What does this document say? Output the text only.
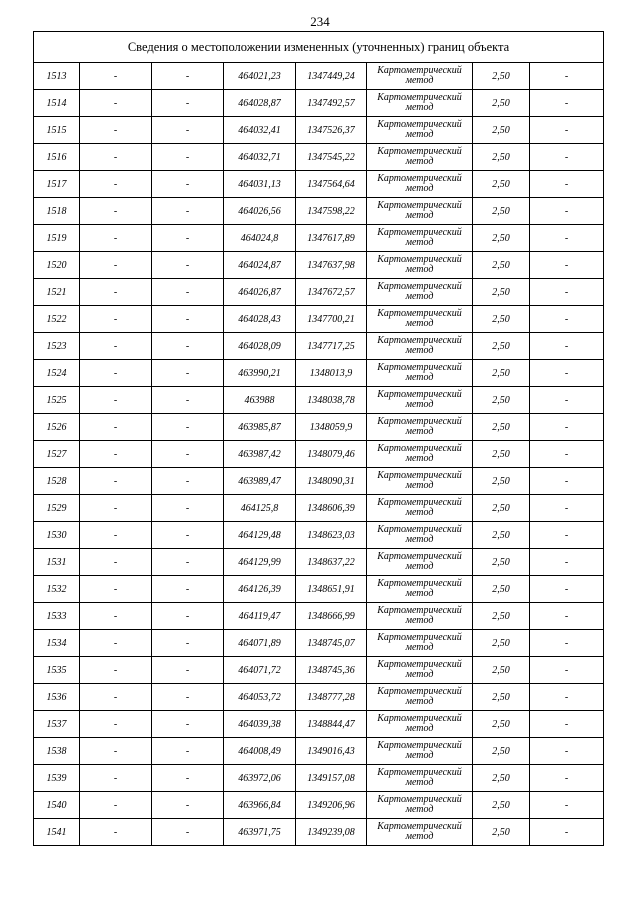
234
Сведения о местоположении измененных (уточненных) границ объекта							
1513	-	-	464021,23	1347449,24	Картометрический метод	2,50	-
1514	-	-	464028,87	1347492,57	Картометрический метод	2,50	-
1515	-	-	464032,41	1347526,37	Картометрический метод	2,50	-
1516	-	-	464032,71	1347545,22	Картометрический метод	2,50	-
1517	-	-	464031,13	1347564,64	Картометрический метод	2,50	-
1518	-	-	464026,56	1347598,22	Картометрический метод	2,50	-
1519	-	-	464024,8	1347617,89	Картометрический метод	2,50	-
1520	-	-	464024,87	1347637,98	Картометрический метод	2,50	-
1521	-	-	464026,87	1347672,57	Картометрический метод	2,50	-
1522	-	-	464028,43	1347700,21	Картометрический метод	2,50	-
1523	-	-	464028,09	1347717,25	Картометрический метод	2,50	-
1524	-	-	463990,21	1348013,9	Картометрический метод	2,50	-
1525	-	-	463988	1348038,78	Картометрический метод	2,50	-
1526	-	-	463985,87	1348059,9	Картометрический метод	2,50	-
1527	-	-	463987,42	1348079,46	Картометрический метод	2,50	-
1528	-	-	463989,47	1348090,31	Картометрический метод	2,50	-
1529	-	-	464125,8	1348606,39	Картометрический метод	2,50	-
1530	-	-	464129,48	1348623,03	Картометрический метод	2,50	-
1531	-	-	464129,99	1348637,22	Картометрический метод	2,50	-
1532	-	-	464126,39	1348651,91	Картометрический метод	2,50	-
1533	-	-	464119,47	1348666,99	Картометрический метод	2,50	-
1534	-	-	464071,89	1348745,07	Картометрический метод	2,50	-
1535	-	-	464071,72	1348745,36	Картометрический метод	2,50	-
1536	-	-	464053,72	1348777,28	Картометрический метод	2,50	-
1537	-	-	464039,38	1348844,47	Картометрический метод	2,50	-
1538	-	-	464008,49	1349016,43	Картометрический метод	2,50	-
1539	-	-	463972,06	1349157,08	Картометрический метод	2,50	-
1540	-	-	463966,84	1349206,96	Картометрический метод	2,50	-
1541	-	-	463971,75	1349239,08	Картометрический метод	2,50	-
